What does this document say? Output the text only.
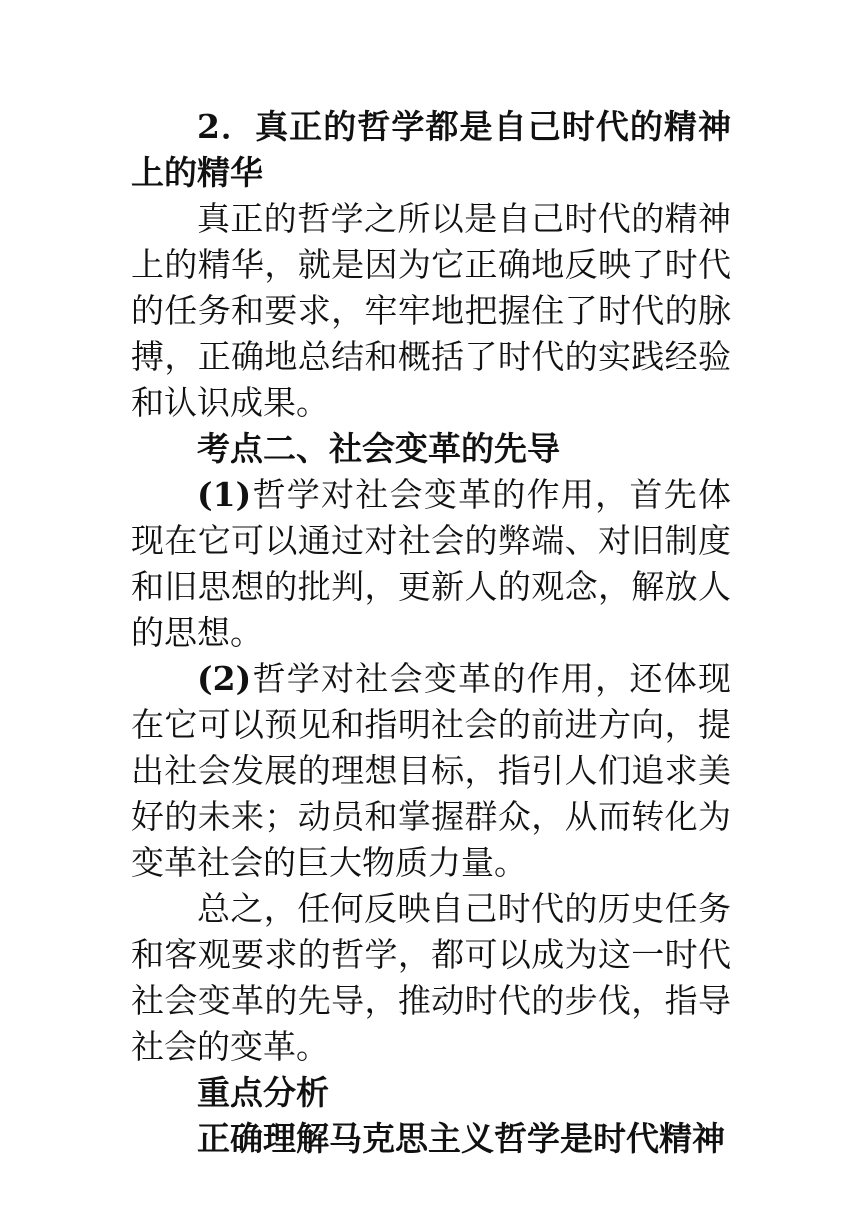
2．真正的哲学都是自己时代的精神上的精华

真正的哲学之所以是自己时代的精神上的精华，就是因为它正确地反映了时代的任务和要求，牢牢地把握住了时代的脉搏，正确地总结和概括了时代的实践经验和认识成果。

考点二、社会变革的先导

(1)哲学对社会变革的作用，首先体现在它可以通过对社会的弊端、对旧制度和旧思想的批判，更新人的观念，解放人的思想。

(2)哲学对社会变革的作用，还体现在它可以预见和指明社会的前进方向，提出社会发展的理想目标，指引人们追求美好的未来；动员和掌握群众，从而转化为变革社会的巨大物质力量。

总之，任何反映自己时代的历史任务和客观要求的哲学，都可以成为这一时代社会变革的先导，推动时代的步伐，指导社会的变革。

重点分析

正确理解马克思主义哲学是时代精神
